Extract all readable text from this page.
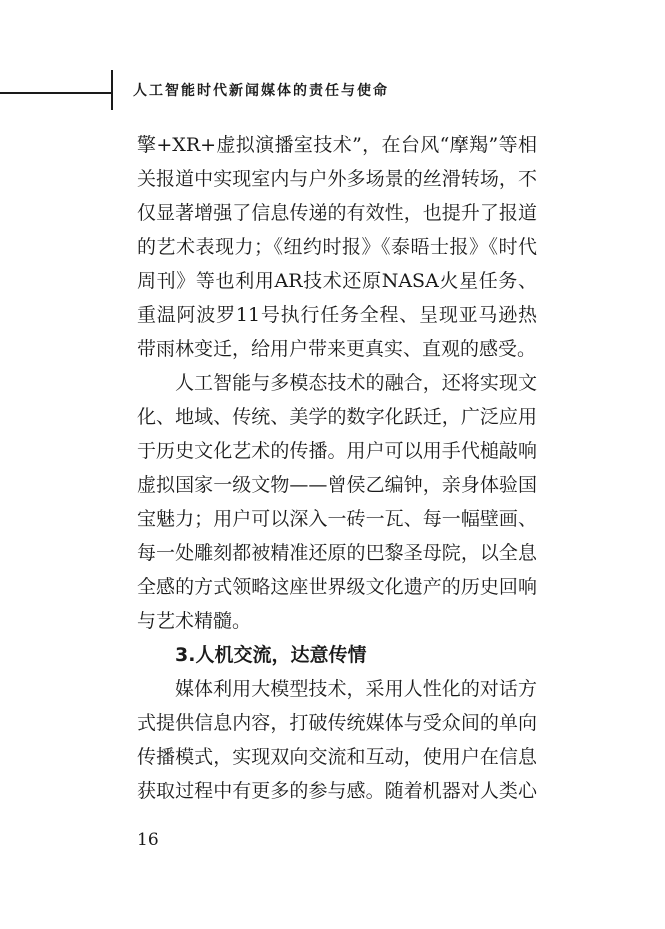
人工智能时代新闻媒体的责任与使命

擎+XR+虚拟演播室技术”，在台风“摩羯”等相

关报道中实现室内与户外多场景的丝滑转场，不

仅显著增强了信息传递的有效性，也提升了报道

的艺术表现力；《纽约时报》《泰晤士报》《时代

周刊》等也利用AR技术还原NASA火星任务、

重温阿波罗11号执行任务全程、呈现亚马逊热

带雨林变迁，给用户带来更真实、直观的感受。

人工智能与多模态技术的融合，还将实现文

化、地域、传统、美学的数字化跃迁，广泛应用

于历史文化艺术的传播。用户可以用手代槌敲响

虚拟国家一级文物——曾侯乙编钟，亲身体验国

宝魅力；用户可以深入一砖一瓦、每一幅壁画、

每一处雕刻都被精准还原的巴黎圣母院，以全息

全感的方式领略这座世界级文化遗产的历史回响

与艺术精髓。

3.人机交流，达意传情

媒体利用大模型技术，采用人性化的对话方

式提供信息内容，打破传统媒体与受众间的单向

传播模式，实现双向交流和互动，使用户在信息

获取过程中有更多的参与感。随着机器对人类心

16
